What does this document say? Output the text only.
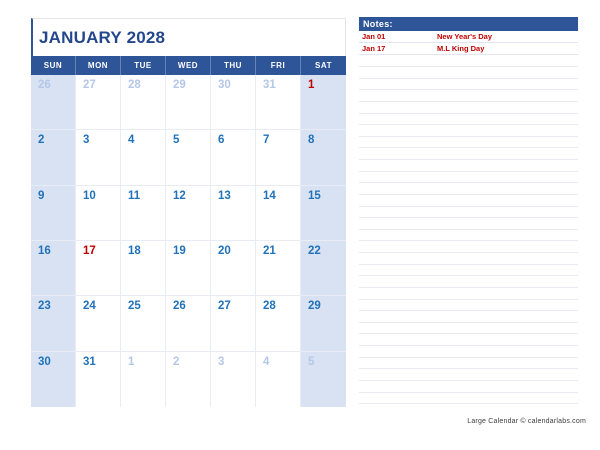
JANUARY 2028
SUN	MON	TUE	WED	THU	FRI	SAT
26	27	28	29	30	31	1
2	3	4	5	6	7	8
9	10	11	12	13	14	15
16	17	18	19	20	21	22
23	24	25	26	27	28	29
30	31	1	2	3	4	5
Notes:
Jan 01	New Year's Day
Jan 17	M.L King Day
Large Calendar © calendarlabs.com
